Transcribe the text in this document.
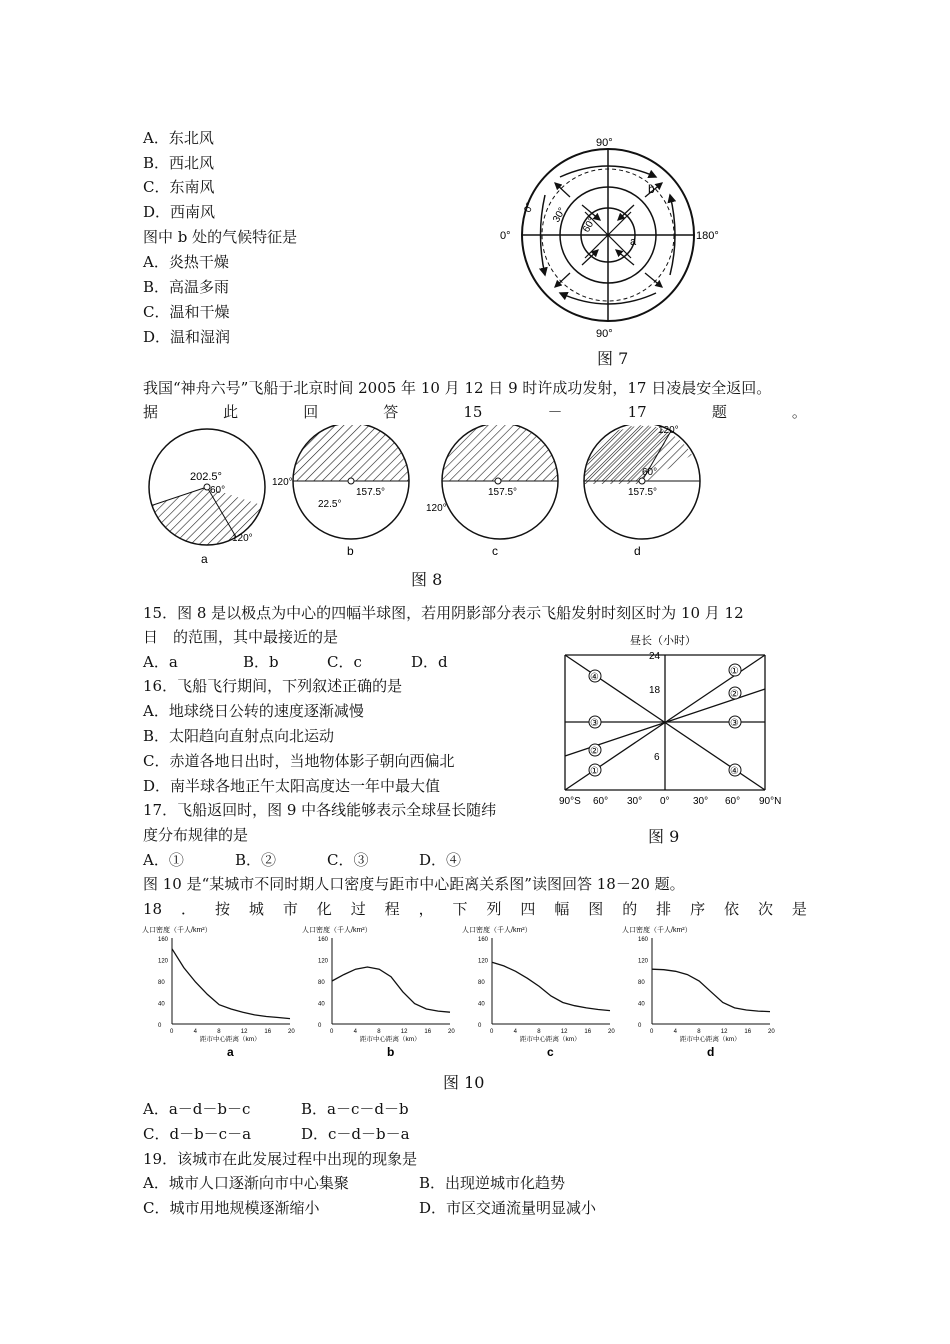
A．东北风
B．西北风
C．东南风
D．西南风
图中 b 处的气候特征是
A．炎热干燥
B．高温多雨
C．温和干燥
D．温和湿润
90°
90°
0°	180°
0° 30°
60°
a
b
图 7
我国“神舟六号”飞船于北京时间 2005 年 10 月 12 日 9 时许成功发射，17 日凌晨安全返回。
据	此	回	答	15	－	17	题	。
202.5°
60°
120°
a
120°
157.5°
22.5°
b
157.5°
120°
c
120°
60°
157.5°
d
图 8
15．图 8 是以极点为中心的四幅半球图，若用阴影部分表示飞船发射时刻区时为 10 月 12
日　的范围，其中最接近的是
A．a	B．b	C．c	D．d
16．飞船飞行期间，下列叙述正确的是
A．地球绕日公转的速度逐渐减慢
B．太阳趋向直射点向北运动
C．赤道各地日出时，当地物体影子朝向西偏北
D．南半球各地正午太阳高度达一年中最大值
17．飞船返回时，图 9 中各线能够表示全球昼长随纬
度分布规律的是
A．①	B．②	C．③	D．④
④
③
②
①
①
②
③
④
昼长（小时）
24
18
6
90°S 60° 30° 0° 30° 60° 90°N
图 9
图 10 是“某城市不同时期人口密度与距市中心距离关系图”读图回答 18－20 题。
18 ． 按 城 市 化 过 程 ， 下 列 四 幅 图 的 排 序 依 次 是
人口密度（千人/km²）
0
40
80
120
160
0	4	8	12	16	20
距市中心距离（km）
a
人口密度（千人/km²）
0
40
80
120
160
0	4	8	12	16	20
距市中心距离（km）
b
人口密度（千人/km²）
0
40
80
120
160
0	4	8	12	16	20
距市中心距离（km）
c
人口密度（千人/km²）
0
40
80
120
160
0	4	8	12	16	20
距市中心距离（km）
d
图 10
A．a－d－b－c	B．a－c－d－b
C．d－b－c－a	D．c－d－b－a
19．该城市在此发展过程中出现的现象是
A．城市人口逐渐向市中心集聚	B．出现逆城市化趋势
C．城市用地规模逐渐缩小	D．市区交通流量明显减小
